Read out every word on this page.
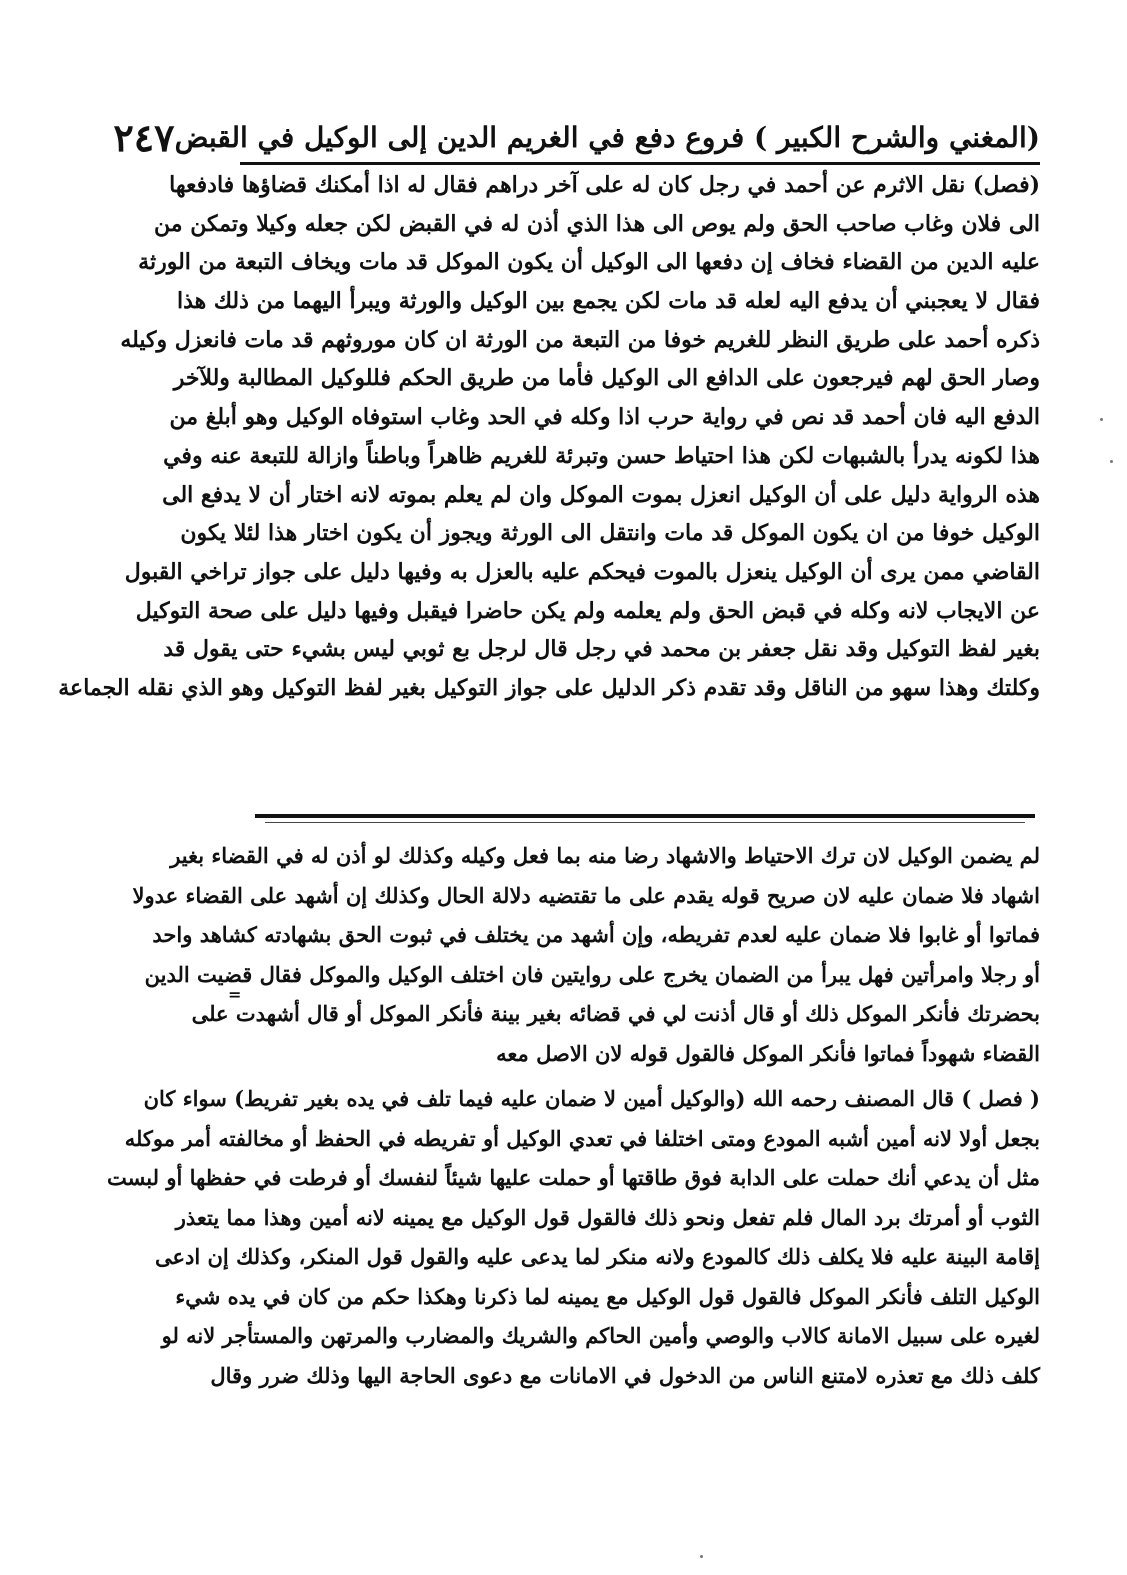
(المغني والشرح الكبير ) فروع دفع في الغريم الدين إلى الوكيل في القبض
٢٤٧
(فصل) نقل الاثرم عن أحمد في رجل كان له على آخر دراهم فقال له اذا أمكنك قضاؤها فادفعها
الى فلان وغاب صاحب الحق ولم يوص الى هذا الذي أذن له في القبض لكن جعله وكيلا وتمكن من
عليه الدين من القضاء فخاف إن دفعها الى الوكيل أن يكون الموكل قد مات ويخاف التبعة من الورثة
فقال لا يعجبني أن يدفع اليه لعله قد مات لكن يجمع بين الوكيل والورثة ويبرأ اليهما من ذلك هذا
ذكره أحمد على طريق النظر للغريم خوفا من التبعة من الورثة ان كان موروثهم قد مات فانعزل وكيله
وصار الحق لهم فيرجعون على الدافع الى الوكيل فأما من طريق الحكم فللوكيل المطالبة وللآخر
الدفع اليه فان أحمد قد نص في رواية حرب اذا وكله في الحد وغاب استوفاه الوكيل وهو أبلغ من
هذا لكونه يدرأ بالشبهات لكن هذا احتياط حسن وتبرئة للغريم ظاهراً وباطناً وازالة للتبعة عنه وفي
هذه الرواية دليل على أن الوكيل انعزل بموت الموكل وان لم يعلم بموته لانه اختار أن لا يدفع الى
الوكيل خوفا من ان يكون الموكل قد مات وانتقل الى الورثة ويجوز أن يكون اختار هذا لئلا يكون
القاضي ممن يرى أن الوكيل ينعزل بالموت فيحكم عليه بالعزل به وفيها دليل على جواز تراخي القبول
عن الايجاب لانه وكله في قبض الحق ولم يعلمه ولم يكن حاضرا فيقبل وفيها دليل على صحة التوكيل
بغير لفظ التوكيل وقد نقل جعفر بن محمد في رجل قال لرجل بع ثوبي ليس بشيء حتى يقول قد
وكلتك وهذا سهو من الناقل وقد تقدم ذكر الدليل على جواز التوكيل بغير لفظ التوكيل وهو الذي نقله الجماعة
لم يضمن الوكيل لان ترك الاحتياط والاشهاد رضا منه بما فعل وكيله وكذلك لو أذن له في القضاء بغير
اشهاد فلا ضمان عليه لان صريح قوله يقدم على ما تقتضيه دلالة الحال وكذلك إن أشهد على القضاء عدولا
فماتوا أو غابوا فلا ضمان عليه لعدم تفريطه، وإن أشهد من يختلف في ثبوت الحق بشهادته كشاهد واحد
أو رجلا وامرأتين فهل يبرأ من الضمان يخرج على روايتين فان اختلف الوكيل والموكل فقال قضيت الدين
بحضرتك فأنكر الموكل ذلك أو قال أذنت لي في قضائه بغير بينة فأنكر الموكل أو قال أشهدت على
القضاء شهوداً فماتوا فأنكر الموكل فالقول قوله لان الاصل معه
( فصل ) قال المصنف رحمه الله (والوكيل أمين لا ضمان عليه فيما تلف في يده بغير تفريط) سواء كان
بجعل أولا لانه أمين أشبه المودع ومتى اختلفا في تعدي الوكيل أو تفريطه في الحفظ أو مخالفته أمر موكله
مثل أن يدعي أنك حملت على الدابة فوق طاقتها أو حملت عليها شيئاً لنفسك أو فرطت في حفظها أو لبست
الثوب أو أمرتك برد المال فلم تفعل ونحو ذلك فالقول قول الوكيل مع يمينه لانه أمين وهذا مما يتعذر
إقامة البينة عليه فلا يكلف ذلك كالمودع ولانه منكر لما يدعى عليه والقول قول المنكر، وكذلك إن ادعى
الوكيل التلف فأنكر الموكل فالقول قول الوكيل مع يمينه لما ذكرنا وهكذا حكم من كان في يده شيء
لغيره على سبيل الامانة كالاب والوصي وأمين الحاكم والشريك والمضارب والمرتهن والمستأجر لانه لو
كلف ذلك مع تعذره لامتنع الناس من الدخول في الامانات مع دعوى الحاجة اليها وذلك ضرر وقال
=
